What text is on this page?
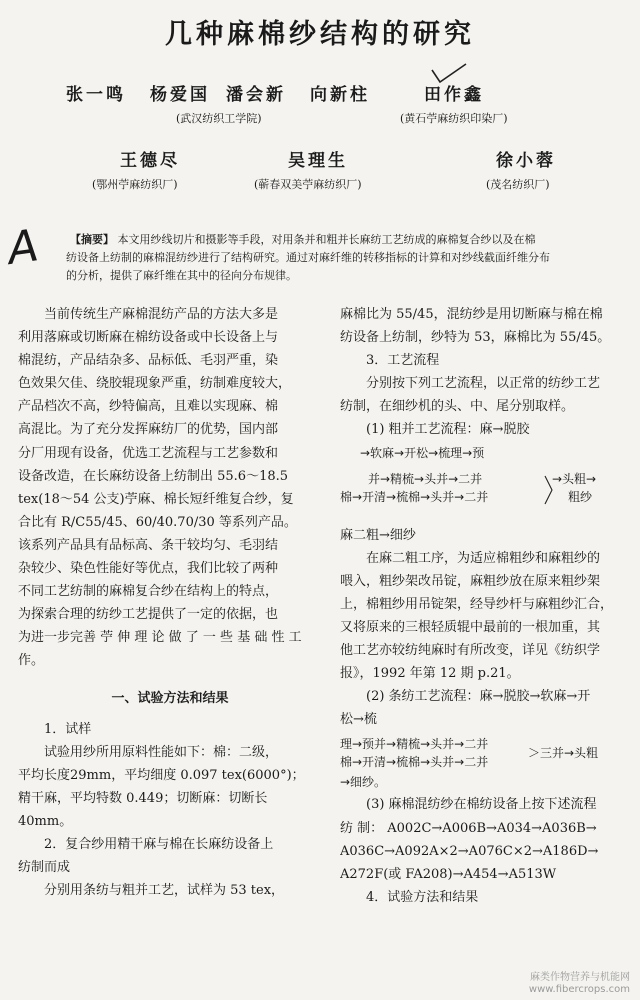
几种麻棉纱结构的研究
张一鸣 杨爱国 潘会新 向新柱	田作鑫
(武汉纺织工学院)	(黄石苧麻纺织印染厂)
王德尽	吴理生	徐小蓉
(鄂州苧麻纺织厂)	(蕲春双美苧麻纺织厂)	(茂名纺织厂)
A	【摘要】 本文用纱线切片和摄影等手段，对用条并和粗并长麻纺工艺纺成的麻棉复合纱以及在棉
纺设备上纺制的麻棉混纺纱进行了结构研究。通过对麻纤维的转移指标的计算和对纱线截面纤维分布
的分析，提供了麻纤维在其中的径向分布规律。
当前传统生产麻棉混纺产品的方法大多是
利用落麻或切断麻在棉纺设备或中长设备上与
棉混纺，产品结杂多、品标低、毛羽严重，染
色效果欠佳、绕胶辊现象严重，纺制难度较大，
产品档次不高，纱特偏高，且难以实现麻、棉
高混比。为了充分发挥麻纺厂的优势，国内部
分厂用现有设备，优选工艺流程与工艺参数和
设备改造，在长麻纺设备上纺制出 55.6～18.5
tex(18～54 公支)苧麻、棉长短纤维复合纱，复
合比有 R/C55/45、60/40.70/30 等系列产品。
该系列产品具有品标高、条干较均匀、毛羽结
杂较少、染色性能好等优点，我们比较了两种
不同工艺纺制的麻棉复合纱在结构上的特点，
为探索合理的纺纱工艺提供了一定的依据，也
为进一步完善 苧 伸 理 论 做 了 一 些 基 础 性 工
作。
一、试验方法和结果
1．试样
试验用纱所用原料性能如下：棉：二级，
平均长度29mm，平均细度 0.097 tex(6000°)；
精干麻，平均特数 0.449；切断麻：切断长
40mm。
2．复合纱用精干麻与棉在长麻纺设备上
纺制而成
分别用条纺与粗并工艺，试样为 53 tex，
麻棉比为 55/45，混纺纱是用切断麻与棉在棉
纺设备上纺制，纱特为 53，麻棉比为 55/45。
3．工艺流程
分别按下列工艺流程，以正常的纺纱工艺
纺制，在细纱机的头、中、尾分别取样。
(1) 粗并工艺流程：麻→脱胶
→软麻→开松→梳理→预
并→精梳→头并→二并
棉→开清→梳棉→头并→二并
→头粗→
粗纱
麻二粗→细纱
在麻二粗工序，为适应棉粗纱和麻粗纱的
喂入，粗纱架改吊锭，麻粗纱放在原来粗纱架
上，棉粗纱用吊锭架，经导纱杆与麻粗纱汇合，
又将原来的三根轻质辊中最前的一根加重，其
他工艺亦较纺纯麻时有所改变，详见《纺织学
报》，1992 年第 12 期 p.21。
(2) 条纺工艺流程：麻→脱胶→软麻→开
松→梳
理→预并→精梳→头并→二并
棉→开清→梳棉→头并→二并
＞三并→头粗
→细纱。
(3) 麻棉混纺纱在棉纺设备上按下述流程
纺 制： A002C→A006B→A034→A036B→
A036C→A092A×2→A076C×2→A186D→
A272F(或 FA208)→A454→A513W
4．试验方法和结果
麻类作物营养与机能网
www.fibercrops.com
